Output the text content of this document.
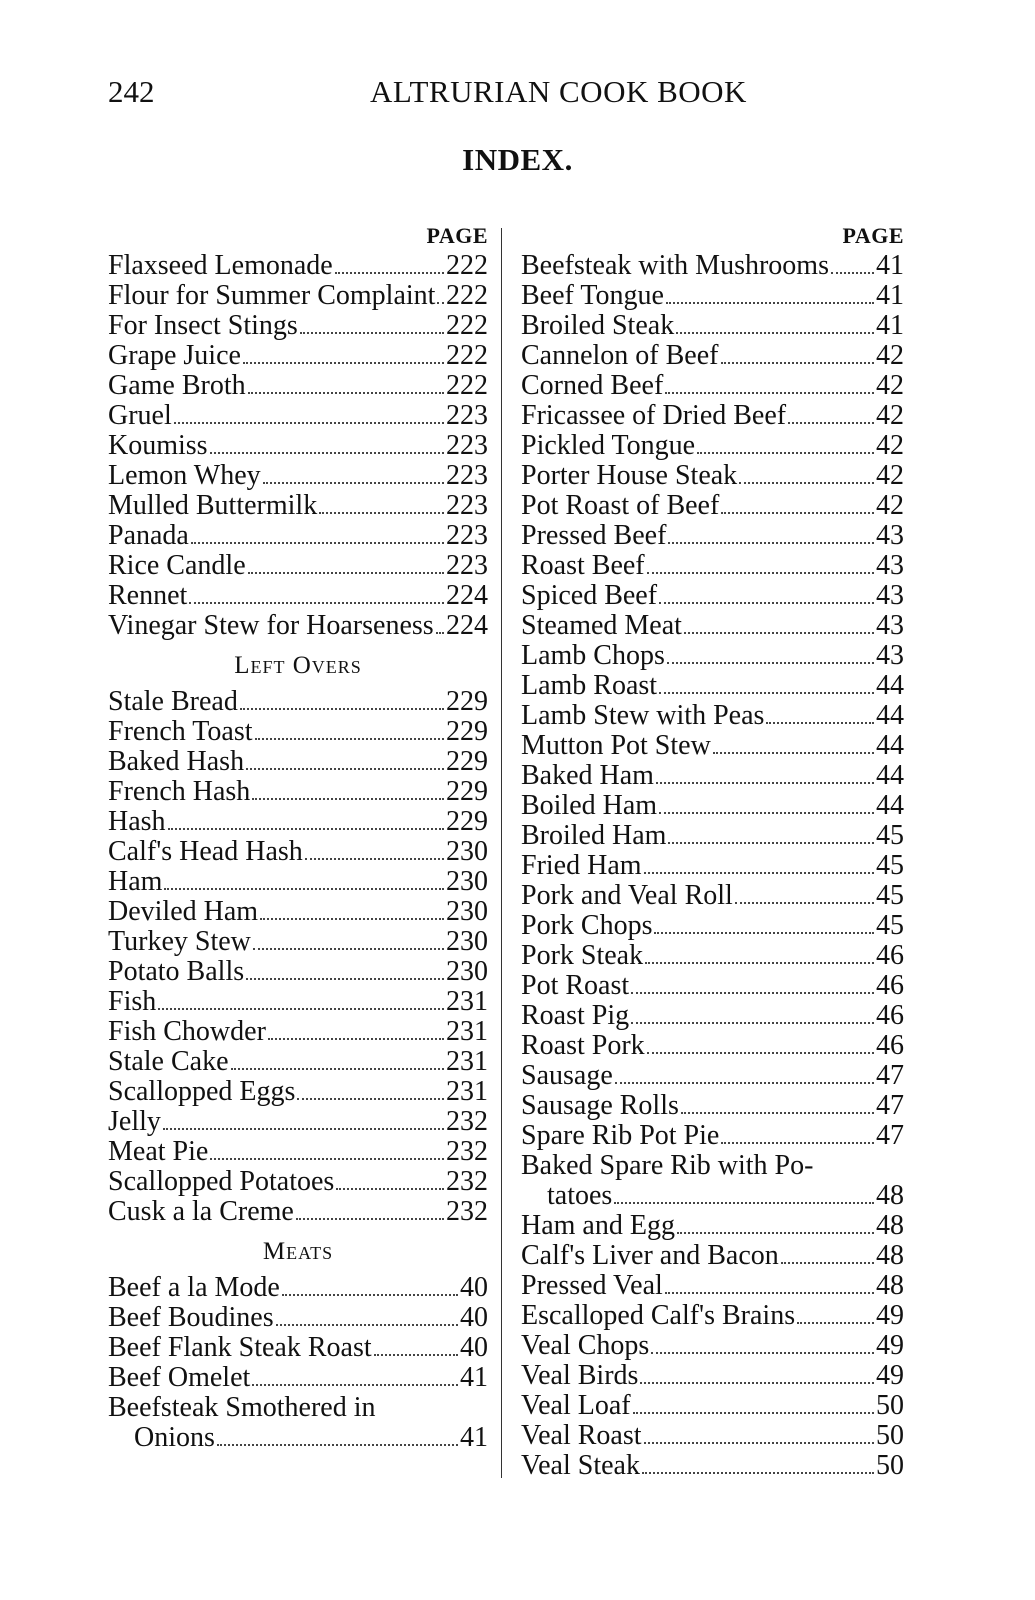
242	ALTRURIAN COOK BOOK
INDEX.
PAGE
Flaxseed Lemonade	222
Flour for Summer Complaint 222
For Insect Stings	222
Grape Juice	222
Game Broth	222
Gruel	223
Koumiss	223
Lemon Whey	223
Mulled Buttermilk	223
Panada	223
Rice Candle	223
Rennet	224
Vinegar Stew for Hoarseness 224
Left Overs
Stale Bread	229
French Toast	229
Baked Hash	229
French Hash	229
Hash	229
Calf's Head Hash	230
Ham	230
Deviled Ham	230
Turkey Stew	230
Potato Balls	230
Fish	231
Fish Chowder	231
Stale Cake	231
Scallopped Eggs	231
Jelly	232
Meat Pie	232
Scallopped Potatoes	232
Cusk a la Creme	232
Meats
Beef a la Mode	40
Beef Boudines	40
Beef Flank Steak Roast	40
Beef Omelet	41
Beefsteak Smothered in
Onions	41
PAGE
Beefsteak with Mushrooms 41
Beef Tongue	41
Broiled Steak	41
Cannelon of Beef	42
Corned Beef	42
Fricassee of Dried Beef	42
Pickled Tongue	42
Porter House Steak	42
Pot Roast of Beef	42
Pressed Beef	43
Roast Beef	43
Spiced Beef	43
Steamed Meat	43
Lamb Chops	43
Lamb Roast	44
Lamb Stew with Peas	44
Mutton Pot Stew	44
Baked Ham	44
Boiled Ham	44
Broiled Ham	45
Fried Ham	45
Pork and Veal Roll	45
Pork Chops	45
Pork Steak	46
Pot Roast	46
Roast Pig	46
Roast Pork	46
Sausage	47
Sausage Rolls	47
Spare Rib Pot Pie	47
Baked Spare Rib with Po-
tatoes	48
Ham and Egg	48
Calf's Liver and Bacon	48
Pressed Veal	48
Escalloped Calf's Brains	49
Veal Chops	49
Veal Birds	49
Veal Loaf	50
Veal Roast	50
Veal Steak	50
